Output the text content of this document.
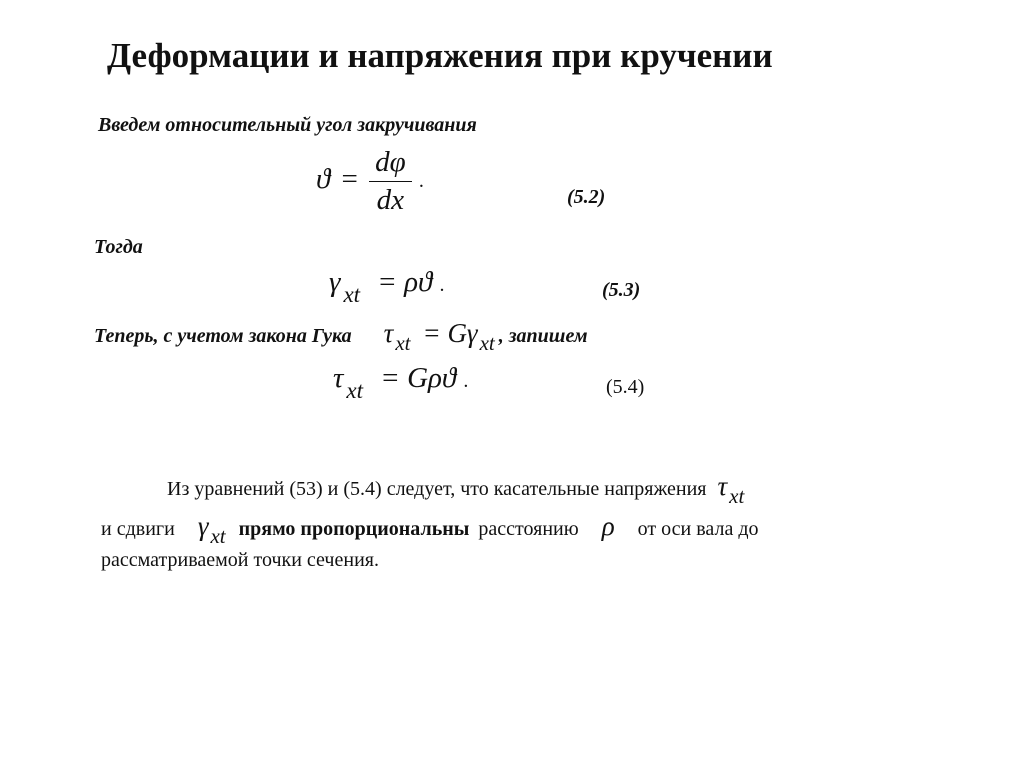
Деформации и напряжения при кручении
Введем относительный угол закручивания
$ϑ = \frac{d\varphi}{dx}$ .
(5.2)
Тогда
γ $_{xt}$ = ρϑ .	(5.3)
Теперь, с учетом закона Гука τxt = Gγxt , запишем
τ $_{xt}$ = Gρϑ .	(5.4)
Из уравнений (53) и (5.4) следует, что касательные напряжения τxt
и сдвиги γxt прямо пропорциональны расстоянию ρ от оси вала до
рассматриваемой точки сечения.
